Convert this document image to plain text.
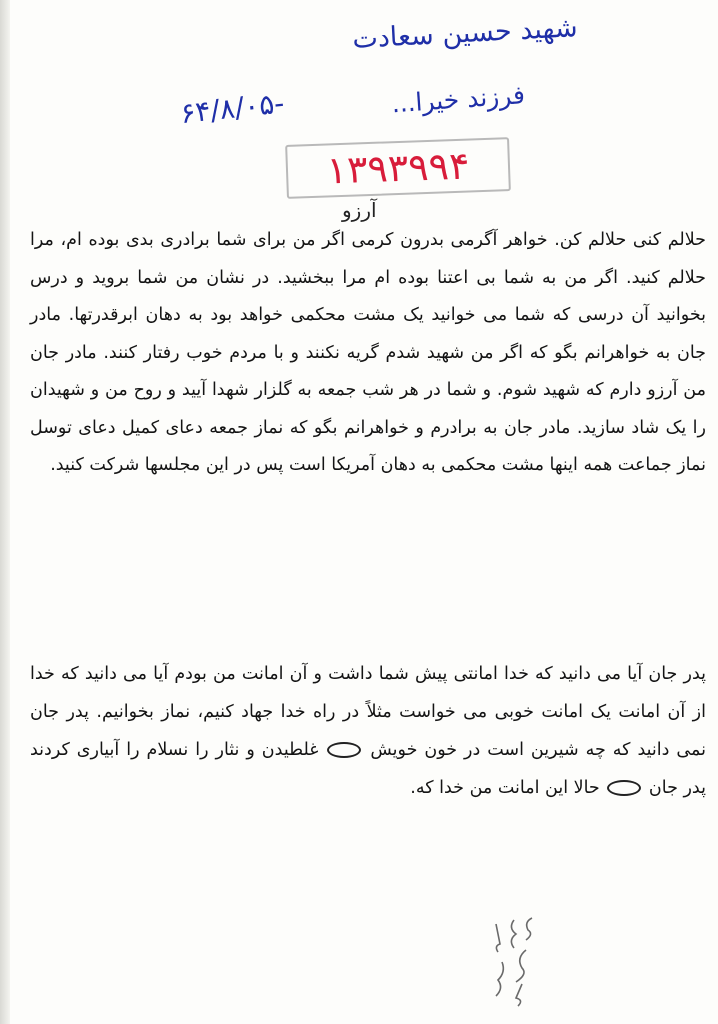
شهید حسین سعادت
فرزند خیرا...
۶۴/۸/۰۵-
۱۳۹۳۹۹۴
آرزو
حلالم کنی حلالم کن. خواهر آگرمی بدرون کرمی اگر من برای شما برادری بدی بوده ام، مرا حلالم کنید. اگر من به شما بی اعتنا بوده ام مرا ببخشید. در نشان من شما بروید و درس بخوانید آن درسی که شما می خوانید یک مشت محکمی خواهد بود به دهان ابرقدرتها. مادر جان به خواهرانم بگو که اگر من شهید شدم گریه نکنند و با مردم خوب رفتار کنند. مادر جان من آرزو دارم که شهید شوم. و شما در هر شب جمعه به گلزار شهدا آیید و روح من و شهیدان را یک شاد سازید. مادر جان به برادرم و خواهرانم بگو که نماز جمعه دعای کمیل دعای توسل نماز جماعت همه اینها مشت محکمی به دهان آمریکا است پس در این مجلسها شرکت کنید.
پدر جان آیا می دانید که خدا امانتی پیش شما داشت و آن امانت من بودم آیا می دانید که خدا از آن امانت یک امانت خوبی می خواست مثلاً در راه خدا جهاد کنیم، نماز بخوانیم. پدر جان نمی دانید که چه شیرین است در خون خویش  غلطیدن و نثار را نسلام را آبیاری کردند پدر جان  حالا این امانت من خدا که.
